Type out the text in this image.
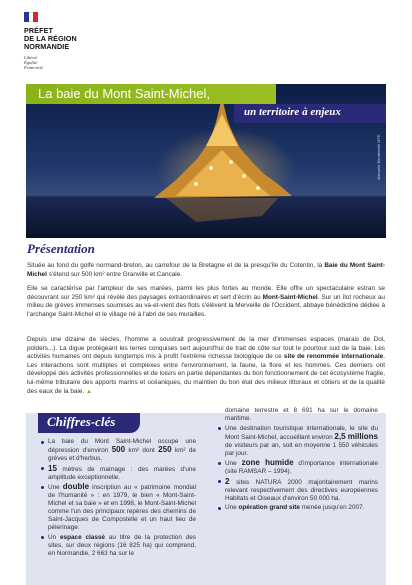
PRÉFET
DE LA RÉGION
NORMANDIE
Liberté
Égalité
Fraternité
La baie du Mont Saint-Michel,
un territoire à enjeux
Manuela Bonderath/ MTE
Présentation
Située au fond du golfe normand-breton, au carrefour de la Bretagne et de la presqu'île du Cotentin, la Baie du Mont Saint-Michel s'étend sur 500 km² entre Granville et Cancale.
Elle se caractérise par l'ampleur de ses marées, parmi les plus fortes au monde. Elle offre un spectaculaire estran se découvrant sur 250 km² qui révèle des paysages extraordinaires et sert d'écrin au Mont-Saint-Michel. Sur un îlot rocheux au milieu de grèves immenses soumises au va-et-vient des flots s'élèvent la Merveille de l'Occident, abbaye bénédictine dédiée à l'archange Saint-Michel et le village né à l'abri de ses murailles.
Depuis une dizaine de siècles, l'homme a soustrait progressivement de la mer d'immenses espaces (marais de Dol, polders...). La digue protégeant les terres conquises sert aujourd'hui de trait de côte sur tout le pourtour sud de la baie. Les activités humaines ont depuis longtemps mis à profit l'extrême richesse biologique de ce site de renommée internationale. Les interactions sont multiples et complexes entre l'environnement, la faune, la flore et les hommes. Ces derniers ont développé des activités professionnelles et de loisirs en partie dépendantes du bon fonctionnement de cet écosystème fragile, lui-même tributaire des apports marins et océaniques, du maintien du bon état des milieux littoraux et côtiers et de la qualité des eaux de la baie. ▲
Chiffres-clés
La baie du Mont Saint-Michel occupe une dépression d'environ 500 km² dont 250 km² de grèves et d'herbus.
15 mètres de marnage : des marées d'une amplitude exceptionnelle.
Une double inscription au « patrimoine mondial de l'humanité » : en 1979, le bien « Mont-Saint-Michel et sa baie » et en 1998, le Mont-Saint-Michel comme l'un des principaux repères des chemins de Saint-Jacques de Compostelle et un haut lieu de pèlerinage.
Un espace classé au titre de la protection des sites, sur deux régions (16 825 ha) qui comprend, en Normandie, 2 663 ha sur le
domaine terrestre et 8 691 ha sur le domaine maritime.
Une destination touristique internationale, le site du Mont Saint-Michel, accueillant environ 2,5 millions de visiteurs par an, soit en moyenne 1 550 véhicules par jour.
Une zone humide d'importance internationale (site RAMSAR – 1994).
2 sites NATURA 2000 majoritairement marins relevant respectivement des directives européennes Habitats et Oiseaux d'environ 50 000 ha.
Une opération grand site menée jusqu'en 2007.
